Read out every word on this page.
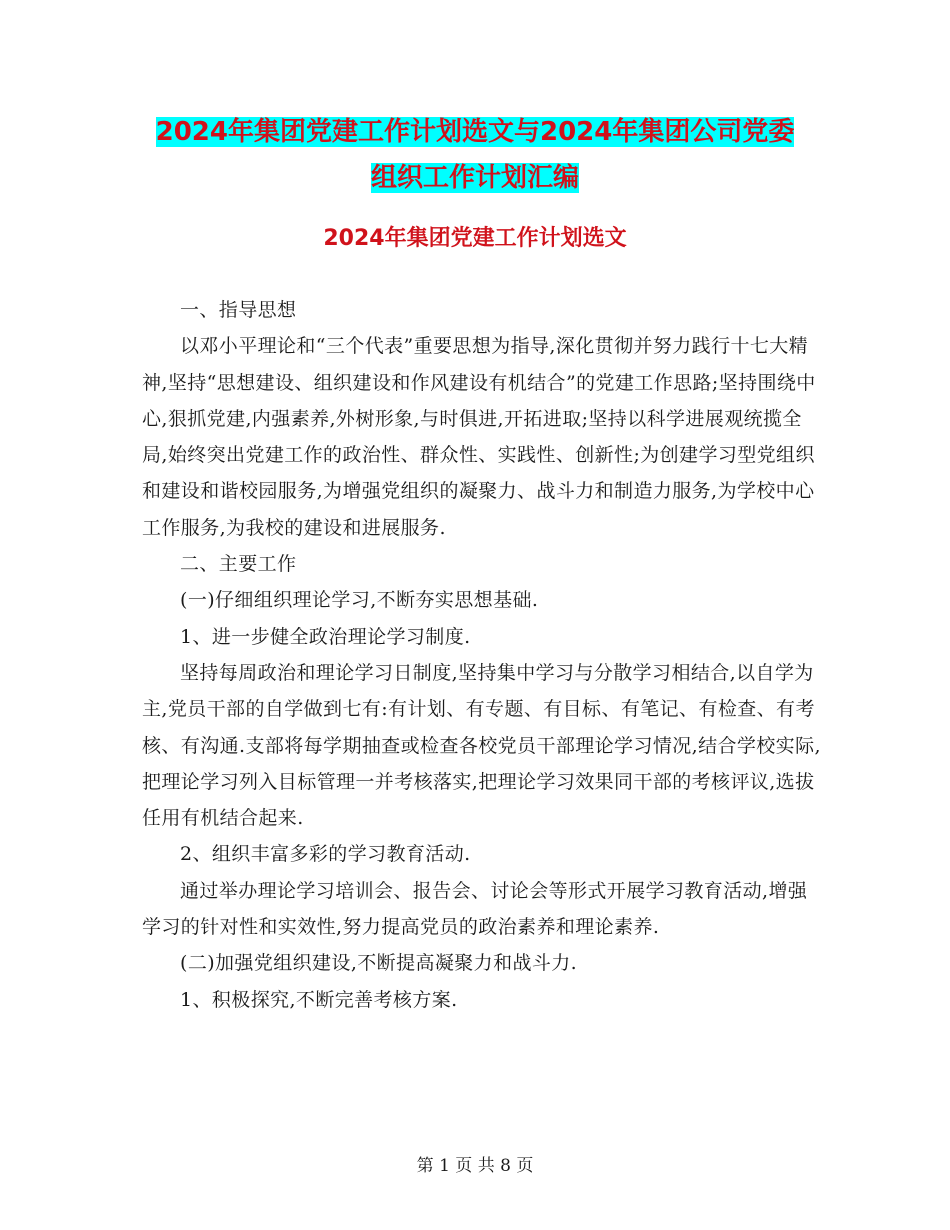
2024年集团党建工作计划选文与2024年集团公司党委
组织工作计划汇编
2024年集团党建工作计划选文

一、指导思想

以邓小平理论和“三个代表”重要思想为指导,深化贯彻并努力践行十七大精神,坚持“思想建设、组织建设和作风建设有机结合”的党建工作思路;坚持围绕中心,狠抓党建,内强素养,外树形象,与时俱进,开拓进取;坚持以科学进展观统揽全局,始终突出党建工作的政治性、群众性、实践性、创新性;为创建学习型党组织和建设和谐校园服务,为增强党组织的凝聚力、战斗力和制造力服务,为学校中心工作服务,为我校的建设和进展服务.

二、主要工作

(一)仔细组织理论学习,不断夯实思想基础.

1、进一步健全政治理论学习制度.

坚持每周政治和理论学习日制度,坚持集中学习与分散学习相结合,以自学为主,党员干部的自学做到七有:有计划、有专题、有目标、有笔记、有检查、有考核、有沟通.支部将每学期抽查或检查各校党员干部理论学习情况,结合学校实际,把理论学习列入目标管理一并考核落实,把理论学习效果同干部的考核评议,选拔任用有机结合起来.

2、组织丰富多彩的学习教育活动.

通过举办理论学习培训会、报告会、讨论会等形式开展学习教育活动,增强学习的针对性和实效性,努力提高党员的政治素养和理论素养.

(二)加强党组织建设,不断提高凝聚力和战斗力.

1、积极探究,不断完善考核方案.

第 1 页 共 8 页
